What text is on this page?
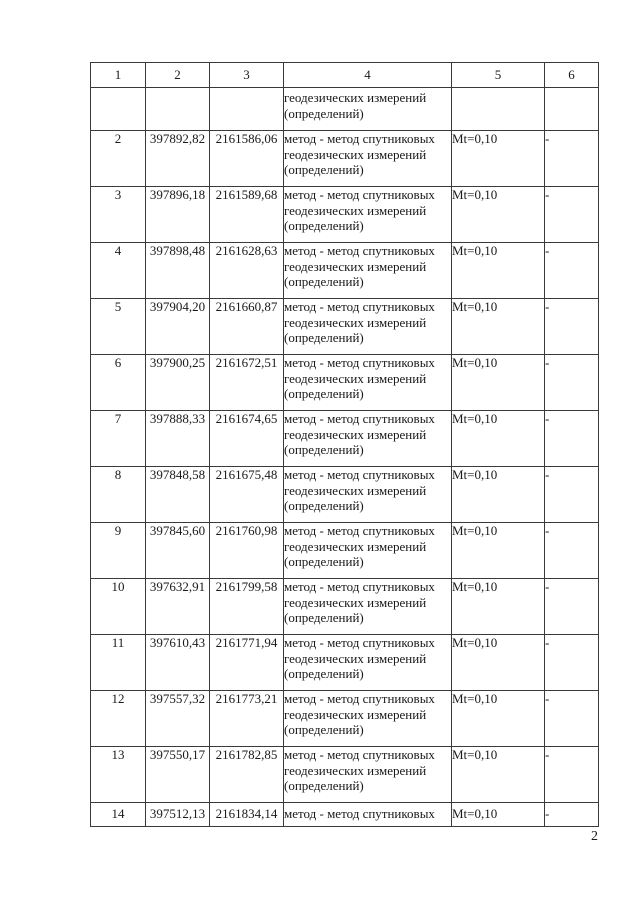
1	2	3	4	5	6

			геодезических измерений
(определений)		

2	397892,82	2161586,06	метод - метод спутниковых
геодезических измерений
(определений)	Mt=0,10	-
3	397896,18	2161589,68	метод - метод спутниковых
геодезических измерений
(определений)	Mt=0,10	-
4	397898,48	2161628,63	метод - метод спутниковых
геодезических измерений
(определений)	Mt=0,10	-
5	397904,20	2161660,87	метод - метод спутниковых
геодезических измерений
(определений)	Mt=0,10	-
6	397900,25	2161672,51	метод - метод спутниковых
геодезических измерений
(определений)	Mt=0,10	-
7	397888,33	2161674,65	метод - метод спутниковых
геодезических измерений
(определений)	Mt=0,10	-
8	397848,58	2161675,48	метод - метод спутниковых
геодезических измерений
(определений)	Mt=0,10	-
9	397845,60	2161760,98	метод - метод спутниковых
геодезических измерений
(определений)	Mt=0,10	-
10	397632,91	2161799,58	метод - метод спутниковых
геодезических измерений
(определений)	Mt=0,10	-
11	397610,43	2161771,94	метод - метод спутниковых
геодезических измерений
(определений)	Mt=0,10	-
12	397557,32	2161773,21	метод - метод спутниковых
геодезических измерений
(определений)	Mt=0,10	-
13	397550,17	2161782,85	метод - метод спутниковых
геодезических измерений
(определений)	Mt=0,10	-
14	397512,13	2161834,14	метод - метод спутниковых	Mt=0,10	-
2
